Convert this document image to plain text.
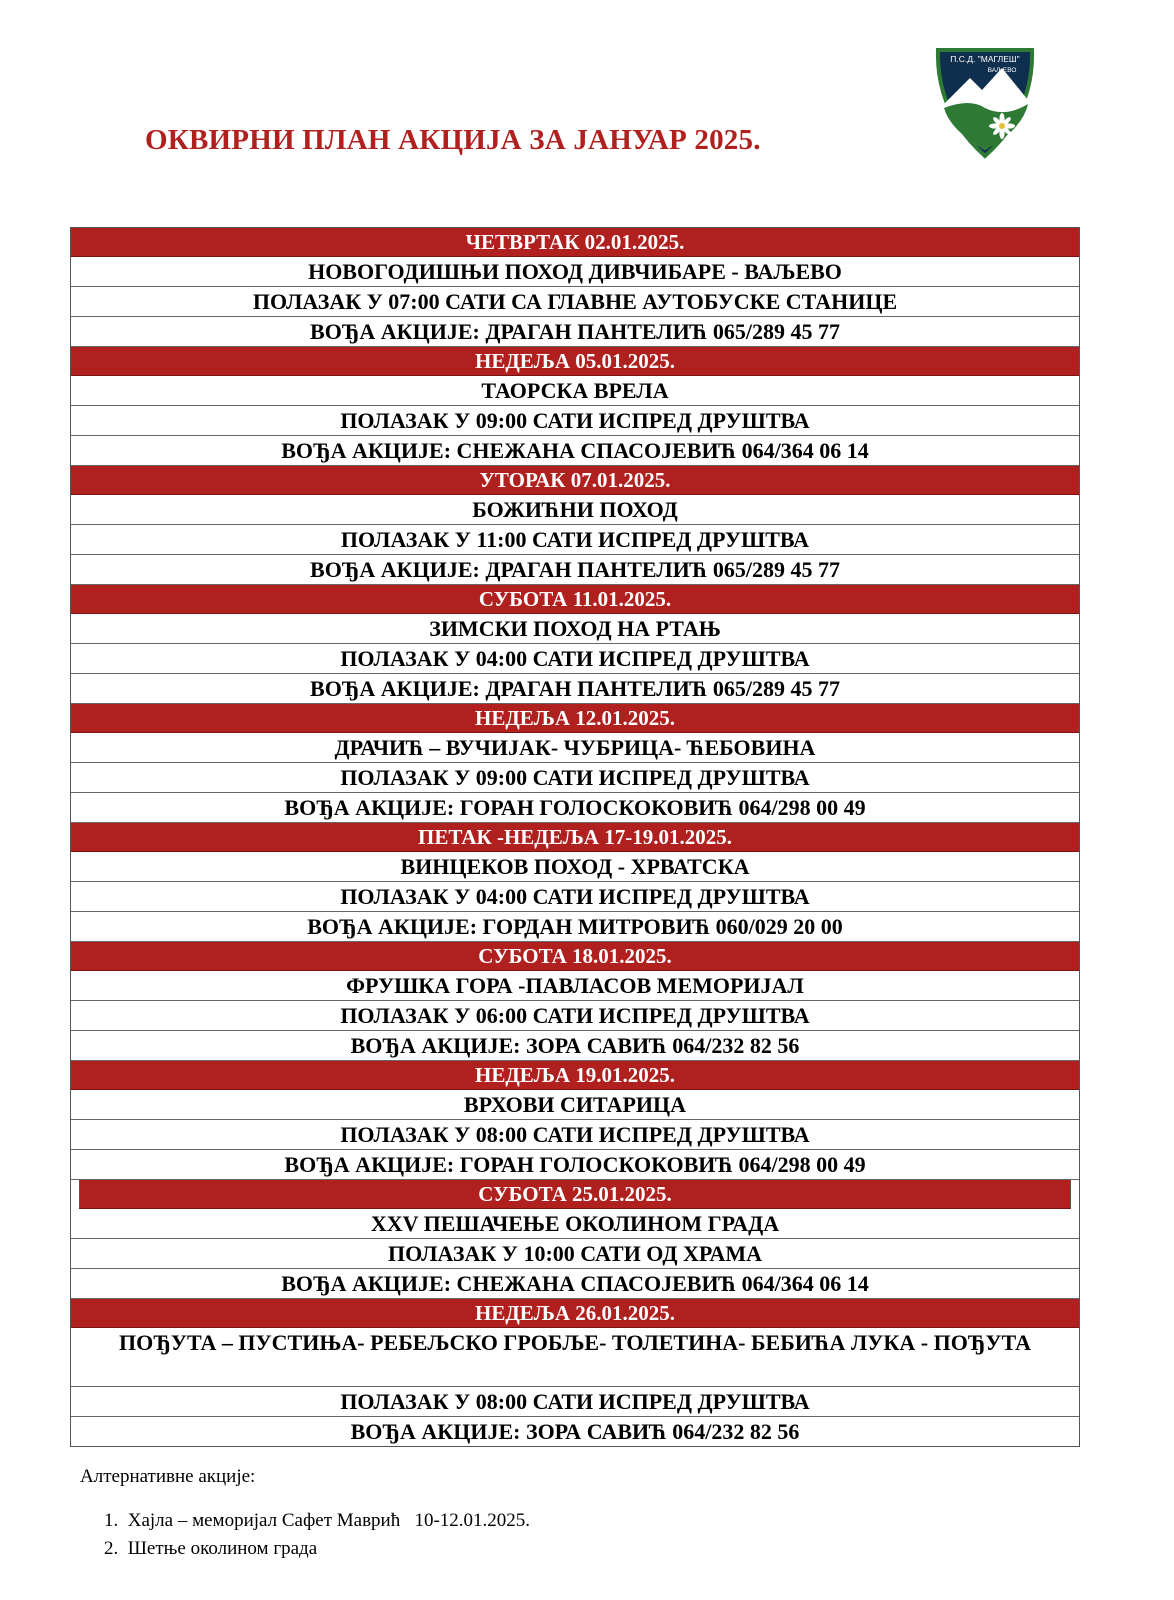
ОКВИРНИ ПЛАН АКЦИЈА ЗА ЈАНУАР 2025.
П.С.Д. "МАГЛЕШ"
ВАЉЕВО
ЧЕТВРТАК 02.01.2025.
НОВОГОДИШЊИ ПОХОД ДИВЧИБАРЕ - ВАЉЕВО
ПОЛАЗАК У 07:00 САТИ СА ГЛАВНЕ АУТОБУСКЕ СТАНИЦЕ
ВОЂА АКЦИЈЕ: ДРАГАН ПАНТЕЛИЋ 065/289 45 77
НЕДЕЉА 05.01.2025.
ТАОРСКА ВРЕЛА
ПОЛАЗАК У 09:00 САТИ ИСПРЕД ДРУШТВА
ВОЂА АКЦИЈЕ: СНЕЖАНА СПАСОЈЕВИЋ 064/364 06 14
УТОРАК 07.01.2025.
БОЖИЋНИ ПОХОД
ПОЛАЗАК У 11:00 САТИ ИСПРЕД ДРУШТВА
ВОЂА АКЦИЈЕ: ДРАГАН ПАНТЕЛИЋ 065/289 45 77
СУБОТА 11.01.2025.
ЗИМСКИ ПОХОД НА РТАЊ
ПОЛАЗАК У 04:00 САТИ ИСПРЕД ДРУШТВА
ВОЂА АКЦИЈЕ: ДРАГАН ПАНТЕЛИЋ 065/289 45 77
НЕДЕЉА 12.01.2025.
ДРАЧИЋ – ВУЧИЈАК- ЧУБРИЦА- ЋЕБОВИНА
ПОЛАЗАК У 09:00 САТИ ИСПРЕД ДРУШТВА
ВОЂА АКЦИЈЕ: ГОРАН ГОЛОСКОКОВИЋ 064/298 00 49
ПЕТАК -НЕДЕЉА 17-19.01.2025.
ВИНЦЕКОВ ПОХОД - ХРВАТСКА
ПОЛАЗАК У 04:00 САТИ ИСПРЕД ДРУШТВА
ВОЂА АКЦИЈЕ: ГОРДАН МИТРОВИЋ 060/029 20 00
СУБОТА 18.01.2025.
ФРУШКА ГОРА -ПАВЛАСОВ МЕМОРИЈАЛ
ПОЛАЗАК У 06:00 САТИ ИСПРЕД ДРУШТВА
ВОЂА АКЦИЈЕ: ЗОРА САВИЋ 064/232 82 56
НЕДЕЉА 19.01.2025.
ВРХОВИ СИТАРИЦА
ПОЛАЗАК У 08:00 САТИ ИСПРЕД ДРУШТВА
ВОЂА АКЦИЈЕ: ГОРАН ГОЛОСКОКОВИЋ 064/298 00 49
СУБОТА 25.01.2025.
XXV ПЕШАЧЕЊЕ ОКОЛИНОМ ГРАДА
ПОЛАЗАК У 10:00 САТИ ОД ХРАМА
ВОЂА АКЦИЈЕ: СНЕЖАНА СПАСОЈЕВИЋ 064/364 06 14
НЕДЕЉА 26.01.2025.
ПОЂУТА – ПУСТИЊА- РЕБЕЉСКО ГРОБЉЕ- ТОЛЕТИНА- БЕБИЋА ЛУКА - ПОЂУТА
ПОЛАЗАК У 08:00 САТИ ИСПРЕД ДРУШТВА
ВОЂА АКЦИЈЕ: ЗОРА САВИЋ 064/232 82 56
Алтернативне акције:
1.  Хајла – меморијал Сафет Маврић   10-12.01.2025.
2.  Шетње околином града
